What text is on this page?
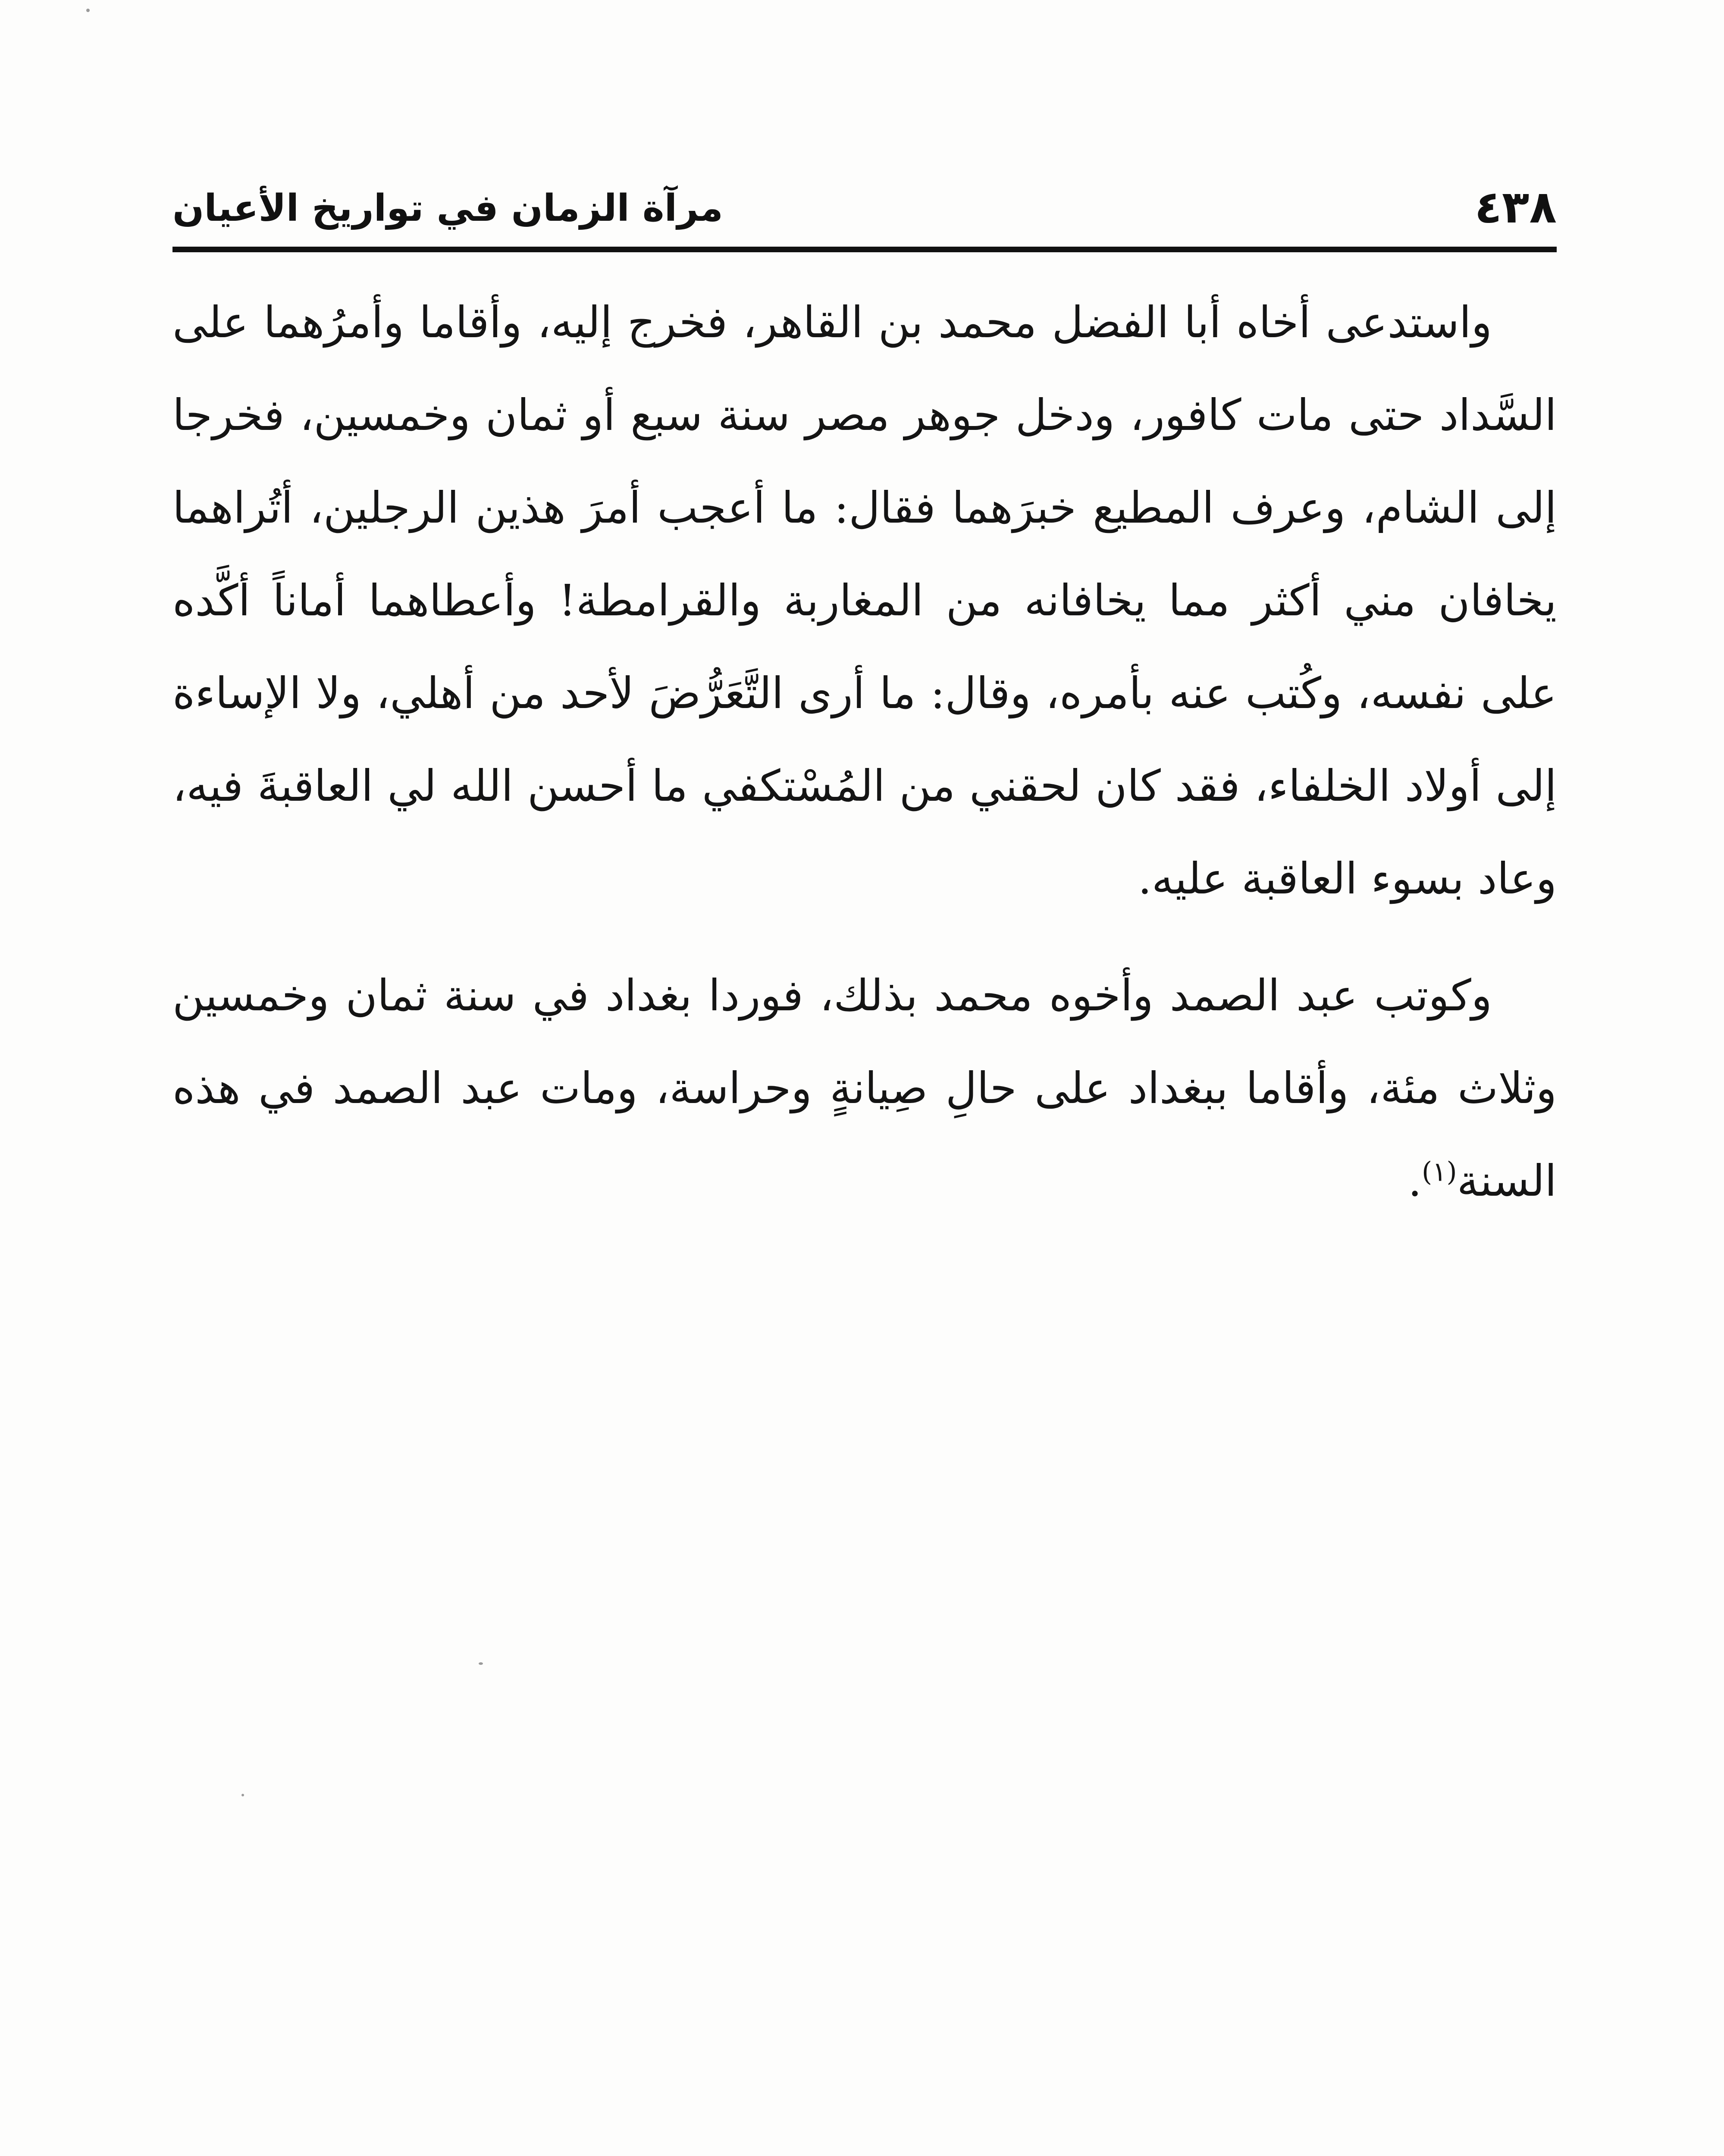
٤٣٨
مرآة الزمان في تواريخ الأعيان

واستدعى أخاه أبا الفضل محمد بن القاهر، فخرج إليه، وأقاما وأمرُهما على السَّداد حتى مات كافور، ودخل جوهر مصر سنة سبع أو ثمان وخمسين، فخرجا إلى الشام، وعرف المطيع خبرَهما فقال: ما أعجب أمرَ هذين الرجلين، أتُراهما يخافان مني أكثر مما يخافانه من المغاربة والقرامطة! وأعطاهما أماناً أكَّده على نفسه، وكُتب عنه بأمره، وقال: ما أرى التَّعَرُّضَ لأحد من أهلي، ولا الإساءة إلى أولاد الخلفاء، فقد كان لحقني من المُسْتكفي ما أحسن الله لي العاقبةَ فيه، وعاد بسوء العاقبة عليه.

وكوتب عبد الصمد وأخوه محمد بذلك، فوردا بغداد في سنة ثمان وخمسين وثلاث مئة، وأقاما ببغداد على حالِ صِيانةٍ وحراسة، ومات عبد الصمد في هذه السنة$^{(١)}$.
